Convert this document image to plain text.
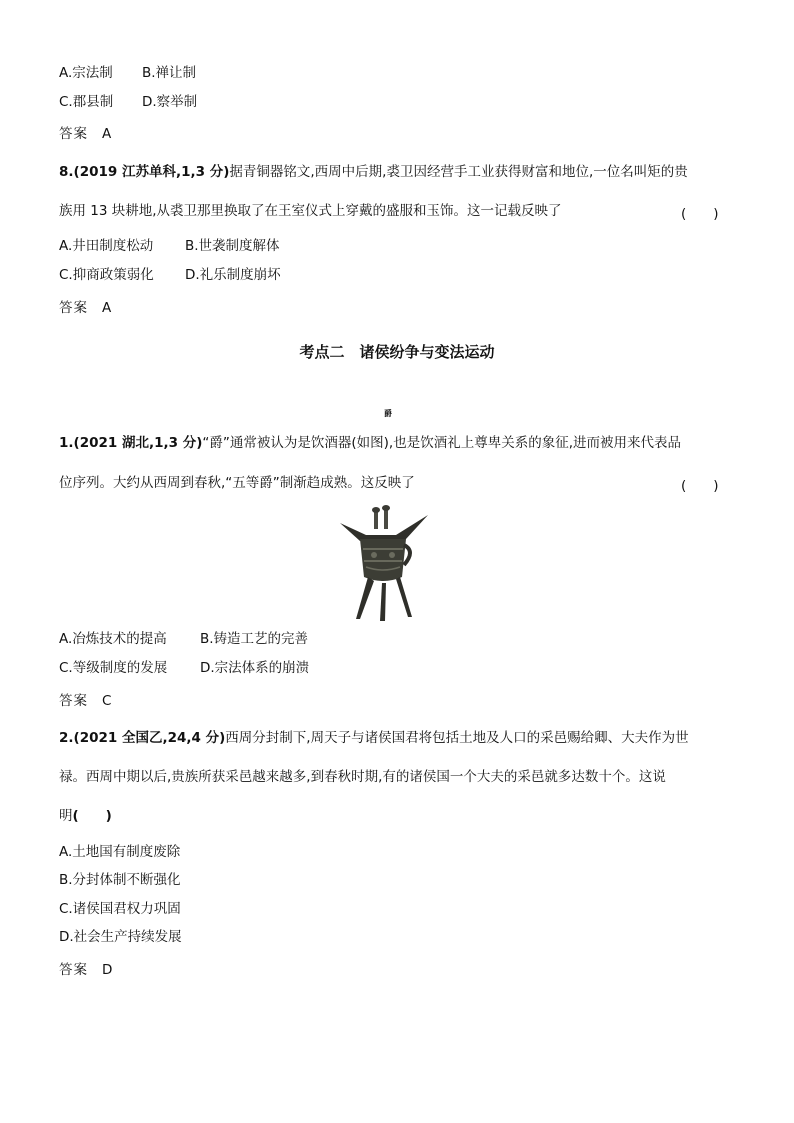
A.宗法制 B.禅让制
C.郡县制 D.察举制
答案 A
8.(2019 江苏单科,1,3 分)据青铜器铭文,西周中后期,裘卫因经营手工业获得财富和地位,一位名叫矩的贵
族用 13 块耕地,从裘卫那里换取了在王室仪式上穿戴的盛服和玉饰。这一记载反映了	(　　)
A.井田制度松动 B.世袭制度解体
C.抑商政策弱化 D.礼乐制度崩坏
答案 A
考点二　诸侯纷争与变法运动
爵
1.(2021 湖北,1,3 分)“爵”通常被认为是饮酒器(如图),也是饮酒礼上尊卑关系的象征,进而被用来代表品
位序列。大约从西周到春秋,“五等爵”制渐趋成熟。这反映了	(　　)
A.冶炼技术的提高 B.铸造工艺的完善
C.等级制度的发展 D.宗法体系的崩溃
答案 C
2.(2021 全国乙,24,4 分)西周分封制下,周天子与诸侯国君将包括土地及人口的采邑赐给卿、大夫作为世
禄。西周中期以后,贵族所获采邑越来越多,到春秋时期,有的诸侯国一个大夫的采邑就多达数十个。这说
明(　　)
A.土地国有制度废除
B.分封体制不断强化
C.诸侯国君权力巩固
D.社会生产持续发展
答案 D
